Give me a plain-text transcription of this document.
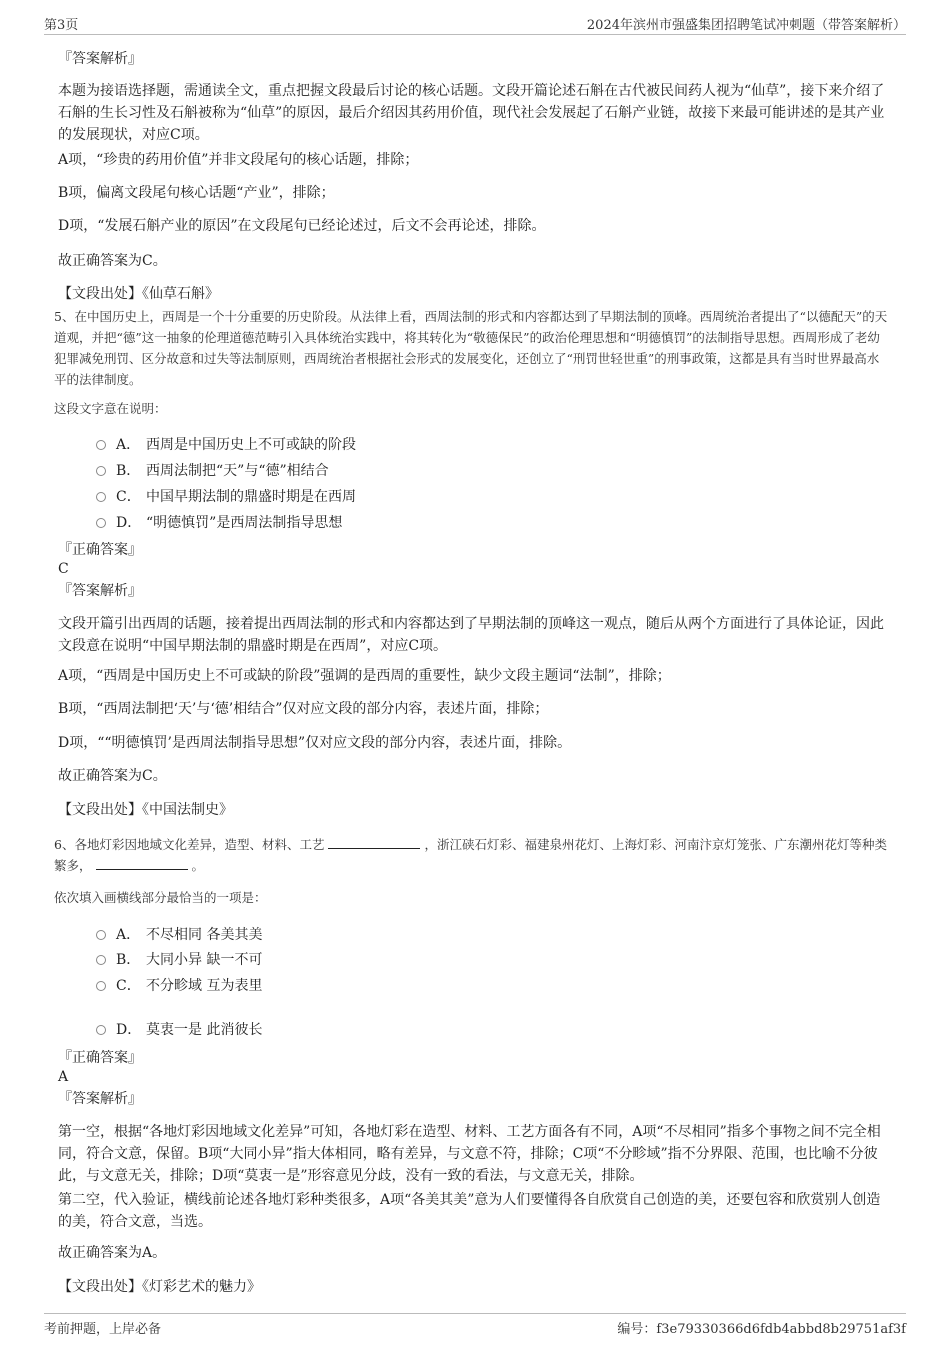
第3页	2024年滨州市强盛集团招聘笔试冲刺题（带答案解析）
『答案解析』
本题为接语选择题，需通读全文，重点把握文段最后讨论的核心话题。文段开篇论述石斛在古代被民间药人视为“仙草”，接下来介绍了石斛的生长习性及石斛被称为“仙草”的原因，最后介绍因其药用价值，现代社会发展起了石斛产业链，故接下来最可能讲述的是其产业的发展现状，对应C项。
A项，“珍贵的药用价值”并非文段尾句的核心话题，排除；
B项，偏离文段尾句核心话题“产业”，排除；
D项，“发展石斛产业的原因”在文段尾句已经论述过，后文不会再论述，排除。
故正确答案为C。
【文段出处】《仙草石斛》
5、在中国历史上，西周是一个十分重要的历史阶段。从法律上看，西周法制的形式和内容都达到了早期法制的顶峰。西周统治者提出了“以德配天”的天道观，并把“德”这一抽象的伦理道德范畴引入具体统治实践中，将其转化为“敬德保民”的政治伦理思想和“明德慎罚”的法制指导思想。西周形成了老幼犯罪减免刑罚、区分故意和过失等法制原则，西周统治者根据社会形式的发展变化，还创立了“刑罚世轻世重”的刑事政策，这都是具有当时世界最高水平的法律制度。
这段文字意在说明：
A． 西周是中国历史上不可或缺的阶段
B． 西周法制把“天”与“德”相结合
C． 中国早期法制的鼎盛时期是在西周
D． “明德慎罚”是西周法制指导思想
『正确答案』
C
『答案解析』
文段开篇引出西周的话题，接着提出西周法制的形式和内容都达到了早期法制的顶峰这一观点，随后从两个方面进行了具体论证，因此文段意在说明“中国早期法制的鼎盛时期是在西周”，对应C项。
A项，“西周是中国历史上不可或缺的阶段”强调的是西周的重要性，缺少文段主题词“法制”，排除；
B项，“西周法制把‘天’与‘德’相结合”仅对应文段的部分内容，表述片面，排除；
D项，““明德慎罚’是西周法制指导思想”仅对应文段的部分内容，表述片面，排除。
故正确答案为C。
【文段出处】《中国法制史》
6、各地灯彩因地域文化差异，造型、材料、工艺	，浙江硖石灯彩、福建泉州花灯、上海灯彩、河南汴京灯笼张、广东潮州花灯等种类繁多，	。
依次填入画横线部分最恰当的一项是：
A． 不尽相同 各美其美
B． 大同小异 缺一不可
C． 不分畛域 互为表里
D． 莫衷一是 此消彼长
『正确答案』
A
『答案解析』
第一空，根据“各地灯彩因地域文化差异”可知，各地灯彩在造型、材料、工艺方面各有不同，A项“不尽相同”指多个事物之间不完全相同，符合文意，保留。B项“大同小异”指大体相同，略有差异，与文意不符，排除；C项“不分畛域”指不分界限、范围，也比喻不分彼此，与文意无关，排除；D项“莫衷一是”形容意见分歧，没有一致的看法，与文意无关，排除。
第二空，代入验证，横线前论述各地灯彩种类很多，A项“各美其美”意为人们要懂得各自欣赏自己创造的美，还要包容和欣赏别人创造的美，符合文意，当选。
故正确答案为A。
【文段出处】《灯彩艺术的魅力》
考前押题，上岸必备	编号：f3e79330366d6fdb4abbd8b29751af3f
